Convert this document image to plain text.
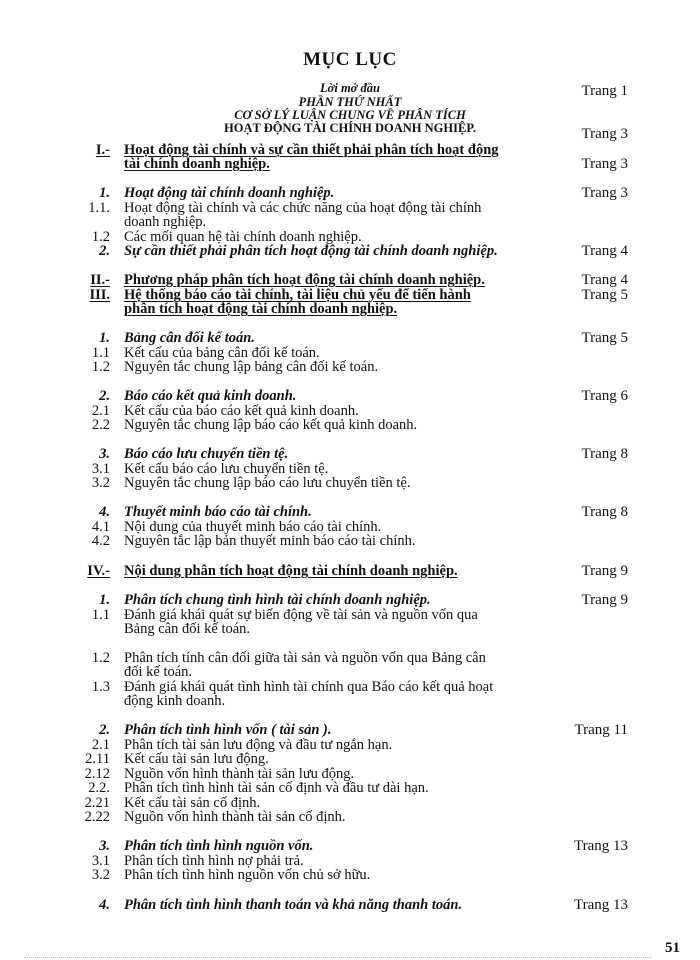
MỤC LỤC
Lời mở đầu	Trang 1
PHẦN THỨ NHẤT
CƠ SỞ LÝ LUẬN CHUNG VỀ PHÂN TÍCH
HOẠT ĐỘNG TÀI CHÍNH DOANH NGHIỆP.	Trang 3
I.- Hoạt động tài chính và sự cần thiết phải phân tích hoạt động
tài chính doanh nghiệp.	Trang 3
1. Hoạt động tài chính doanh nghiệp.	Trang 3
1.1. Hoạt động tài chính và các chức năng của hoạt động tài chính
doanh nghiệp.
1.2 Các mối quan hệ tài chính doanh nghiệp.
2. Sự cần thiết phải phân tích hoạt động tài chính doanh nghiệp.	Trang 4
II.- Phương pháp phân tích hoạt động tài chính doanh nghiệp.	Trang 4
III. Hệ thống báo cáo tài chính, tài liệu chủ yếu để tiến hành	Trang 5
phân tích hoạt động tài chính doanh nghiệp.
1. Bảng cân đối kế toán.	Trang 5
1.1 Kết cấu của bảng cân đối kế toán.
1.2 Nguyên tắc chung lập bảng cân đối kế toán.
2. Báo cáo kết quả kinh doanh.	Trang 6
2.1 Kết cấu của báo cáo kết quả kinh doanh.
2.2 Nguyên tắc chung lập báo cáo kết quả kinh doanh.
3. Báo cáo lưu chuyển tiền tệ.	Trang 8
3.1 Kết cấu báo cáo lưu chuyển tiền tệ.
3.2 Nguyên tắc chung lập báo cáo lưu chuyển tiền tệ.
4. Thuyết minh báo cáo tài chính.	Trang 8
4.1 Nội dung của thuyết minh báo cáo tài chính.
4.2 Nguyên tắc lập bản thuyết minh báo cáo tài chính.
IV.- Nội dung phân tích hoạt động tài chính doanh nghiệp.	Trang 9
1. Phân tích chung tình hình tài chính doanh nghiệp.	Trang 9
1.1 Đánh giá khái quát sự biến động về tài sản và nguồn vốn qua
Bảng cân đối kế toán.
1.2 Phân tích tính cân đối giữa tài sản và nguồn vốn qua Bảng cân
đối kế toán.
1.3 Đánh giá khái quát tình hình tài chính qua Báo cáo kết quả hoạt
động kinh doanh.
2. Phân tích tình hình vốn ( tài sản ).	Trang 11
2.1 Phân tích tài sản lưu động và đầu tư ngắn hạn.
2.11 Kết cấu tài sản lưu động.
2.12 Nguồn vốn hình thành tài sản lưu động.
2.2. Phân tích tình hình tài sản cố định và đầu tư dài hạn.
2.21 Kết cấu tài sản cố định.
2.22 Nguồn vốn hình thành tài sản cố định.
3. Phân tích tình hình nguồn vốn.	Trang 13
3.1 Phân tích tình hình nợ phải trả.
3.2 Phân tích tình hình nguồn vốn chủ sở hữu.
4. Phân tích tình hình thanh toán và khả năng thanh toán.	Trang 13
51
